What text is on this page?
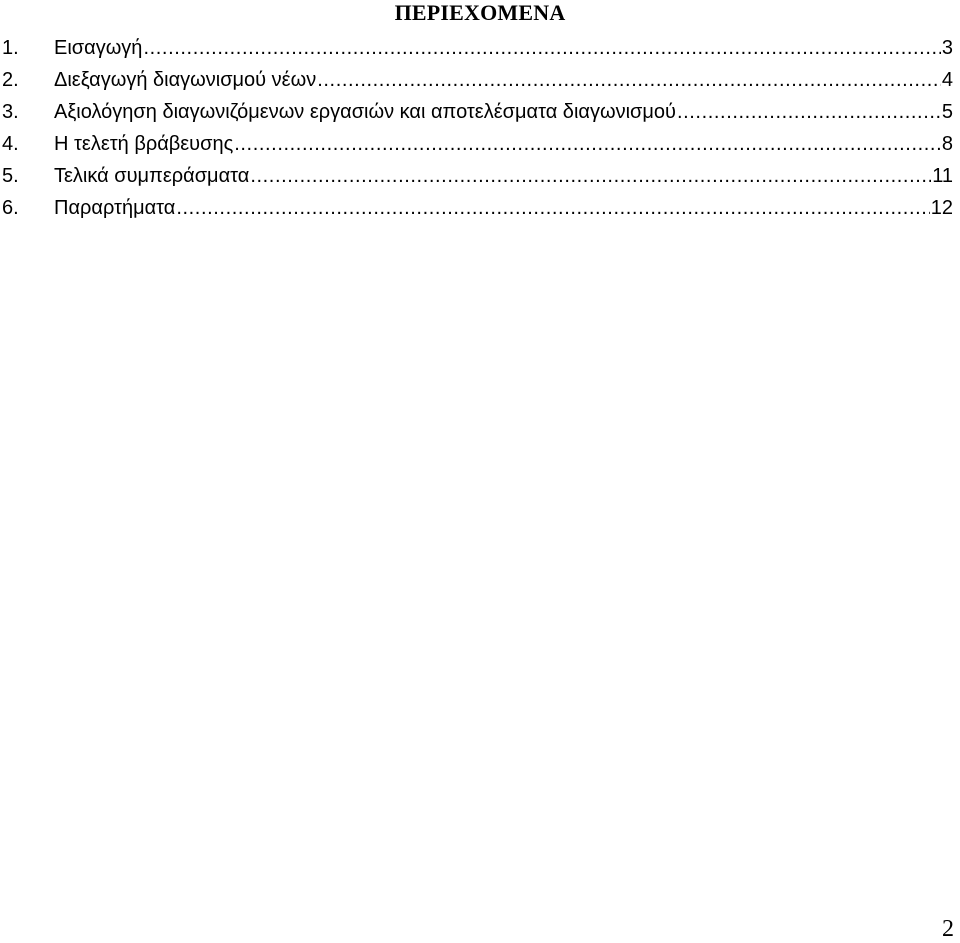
ΠΕΡΙΕΧΟΜΕΝΑ
1.	Εισαγωγή .....	3
2.	Διεξαγωγή διαγωνισμού νέων .....	4
3.	Αξιολόγηση διαγωνιζόμενων εργασιών και αποτελέσματα διαγωνισμού .....	5
4.	Η τελετή βράβευσης .....	8
5.	Τελικά συμπεράσματα .....	11
6.	Παραρτήματα .....	12
2
